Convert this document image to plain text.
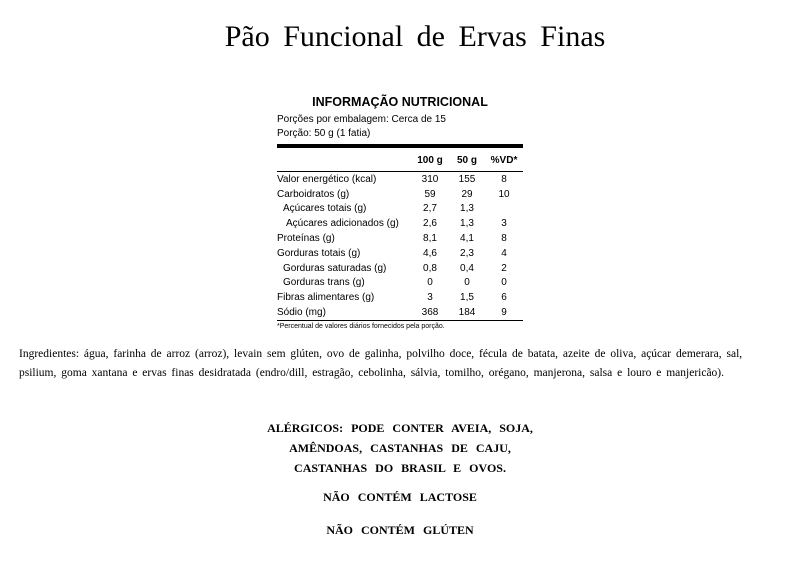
Pão Funcional de Ervas Finas
INFORMAÇÃO NUTRICIONAL
Porções por embalagem: Cerca de 15
Porção: 50 g (1 fatia)
	100 g	50 g	%VD*
Valor energético (kcal)	310	155	8
Carboidratos (g)	59	29	10
Açúcares totais (g)	2,7	1,3	
Açúcares adicionados (g)	2,6	1,3	3
Proteínas (g)	8,1	4,1	8
Gorduras totais (g)	4,6	2,3	4
Gorduras saturadas (g)	0,8	0,4	2
Gorduras trans (g)	0	0	0
Fibras alimentares (g)	3	1,5	6
Sódio (mg)	368	184	9
*Percentual de valores diários fornecidos pela porção.
Ingredientes: água, farinha de arroz (arroz), levain sem glúten, ovo de galinha, polvilho doce, fécula de batata, azeite de oliva, açúcar demerara, sal, psilium, goma xantana e ervas finas desidratada (endro/dill, estragão, cebolinha, sálvia, tomilho, orégano, manjerona, salsa e louro e manjericão).
ALÉRGICOS: PODE CONTER AVEIA, SOJA,
AMÊNDOAS, CASTANHAS DE CAJU,
CASTANHAS DO BRASIL E OVOS.
NÃO CONTÉM LACTOSE
NÃO CONTÉM GLÚTEN
